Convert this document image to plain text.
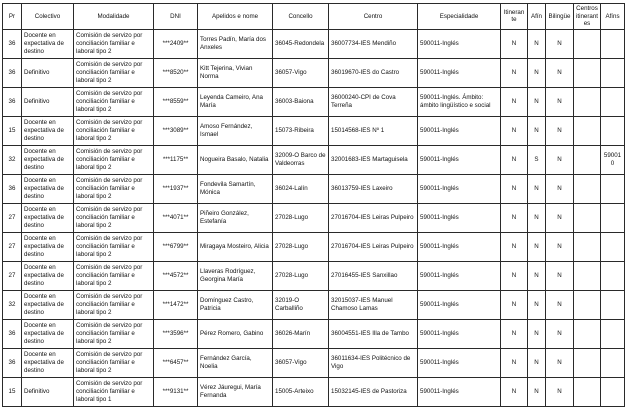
Pr	Colectivo	Modalidade	DNI	Apelidos e nome	Concello	Centro	Especialidade	Itinerante	Afín	Bilingüe	Centros itinerantes	Afíns
36	Docente en expectativa de destino	Comisión de servizo por conciliación familiar e laboral tipo 2	***2409**	Torres Padín, María dos Anxeles	36045-Redondela	36007734-IES Mendiño	590011-Inglés	N	N	N		
36	Definitivo	Comisión de servizo por conciliación familiar e laboral tipo 2	***8520**	Kitt Tejerina, Vivian Norma	36057-Vigo	36019670-IES do Castro	590011-Inglés	N	N	N		
36	Definitivo	Comisión de servizo por conciliación familiar e laboral tipo 2	***8559**	Leyenda Cameiro, Ana María	36003-Baiona	36000240-CPI de Cova Terreña	590011-Inglés. Ámbito: ámbito lingüístico e social	N	N	N		
15	Docente en expectativa de destino	Comisión de servizo por conciliación familiar e laboral tipo 2	***3089**	Amoso Fernández, Ismael	15073-Ribeira	15014568-IES Nº 1	590011-Inglés	N	N	N		
32	Docente en expectativa de destino	Comisión de servizo por conciliación familiar e laboral tipo 2	***1175**	Nogueira Basalo, Natalia	32009-O Barco de Valdeorras	32001683-IES Martaguisela	590011-Inglés	N	S	N		590010
36	Docente en expectativa de destino	Comisión de servizo por conciliación familiar e laboral tipo 2	***1937**	Fondevila Samartín, Mónica	36024-Lalín	36013759-IES Laxeiro	590011-Inglés	N	N	N		
27	Docente en expectativa de destino	Comisión de servizo por conciliación familiar e laboral tipo 2	***4071**	Piñeiro González, Estefanía	27028-Lugo	27016704-IES Leiras Pulpeiro	590011-Inglés	N	N	N		
27	Docente en expectativa de destino	Comisión de servizo por conciliación familiar e laboral tipo 2	***6799**	Miragaya Mosteiro, Alicia	27028-Lugo	27016704-IES Leiras Pulpeiro	590011-Inglés	N	N	N		
27	Docente en expectativa de destino	Comisión de servizo por conciliación familiar e laboral tipo 2	***4572**	Llaveras Rodríguez, Georgina María	27028-Lugo	27016455-IES Sanxillao	590011-Inglés	N	N	N		
32	Docente en expectativa de destino	Comisión de servizo por conciliación familiar e laboral tipo 2	***1472**	Domínguez Castro, Patricia	32019-O Carballiño	32015037-IES Manuel Chamoso Lamas	590011-Inglés	N	N	N		
36	Docente en expectativa de destino	Comisión de servizo por conciliación familiar e laboral tipo 2	***3596**	Pérez Romero, Gabino	36026-Marín	36004551-IES Illa de Tambo	590011-Inglés	N	N	N		
36	Docente en expectativa de destino	Comisión de servizo por conciliación familiar e laboral tipo 2	***6457**	Fernández García, Noelia	36057-Vigo	36011634-IES Politécnico de Vigo	590011-Inglés	N	N	N		
15	Definitivo	Comisión de servizo por conciliación familiar e laboral tipo 1	***9131**	Vérez Jáuregui, María Fernanda	15005-Arteixo	15032145-IES de Pastoriza	590011-Inglés	N	N	N		
